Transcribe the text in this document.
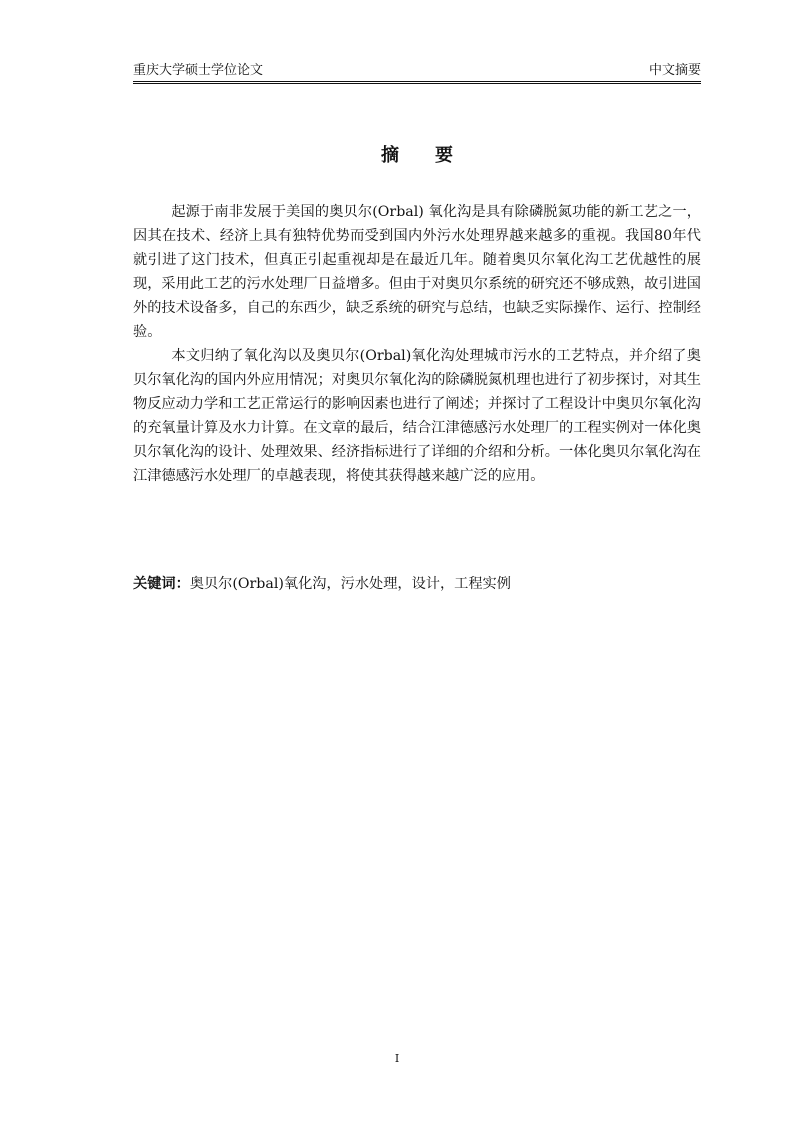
重庆大学硕士学位论文	中文摘要
摘要

起源于南非发展于美国的奥贝尔(Orbal) 氧化沟是具有除磷脱氮功能的新工艺之一，因其在技术、经济上具有独特优势而受到国内外污水处理界越来越多的重视。我国80年代就引进了这门技术，但真正引起重视却是在最近几年。随着奥贝尔氧化沟工艺优越性的展现，采用此工艺的污水处理厂日益增多。但由于对奥贝尔系统的研究还不够成熟，故引进国外的技术设备多，自己的东西少，缺乏系统的研究与总结，也缺乏实际操作、运行、控制经验。

本文归纳了氧化沟以及奥贝尔(Orbal)氧化沟处理城市污水的工艺特点，并介绍了奥贝尔氧化沟的国内外应用情况；对奥贝尔氧化沟的除磷脱氮机理也进行了初步探讨，对其生物反应动力学和工艺正常运行的影响因素也进行了阐述；并探讨了工程设计中奥贝尔氧化沟的充氧量计算及水力计算。在文章的最后，结合江津德感污水处理厂的工程实例对一体化奥贝尔氧化沟的设计、处理效果、经济指标进行了详细的介绍和分析。一体化奥贝尔氧化沟在江津德感污水处理厂的卓越表现，将使其获得越来越广泛的应用。

关键词：奥贝尔(Orbal)氧化沟，污水处理，设计，工程实例
I
